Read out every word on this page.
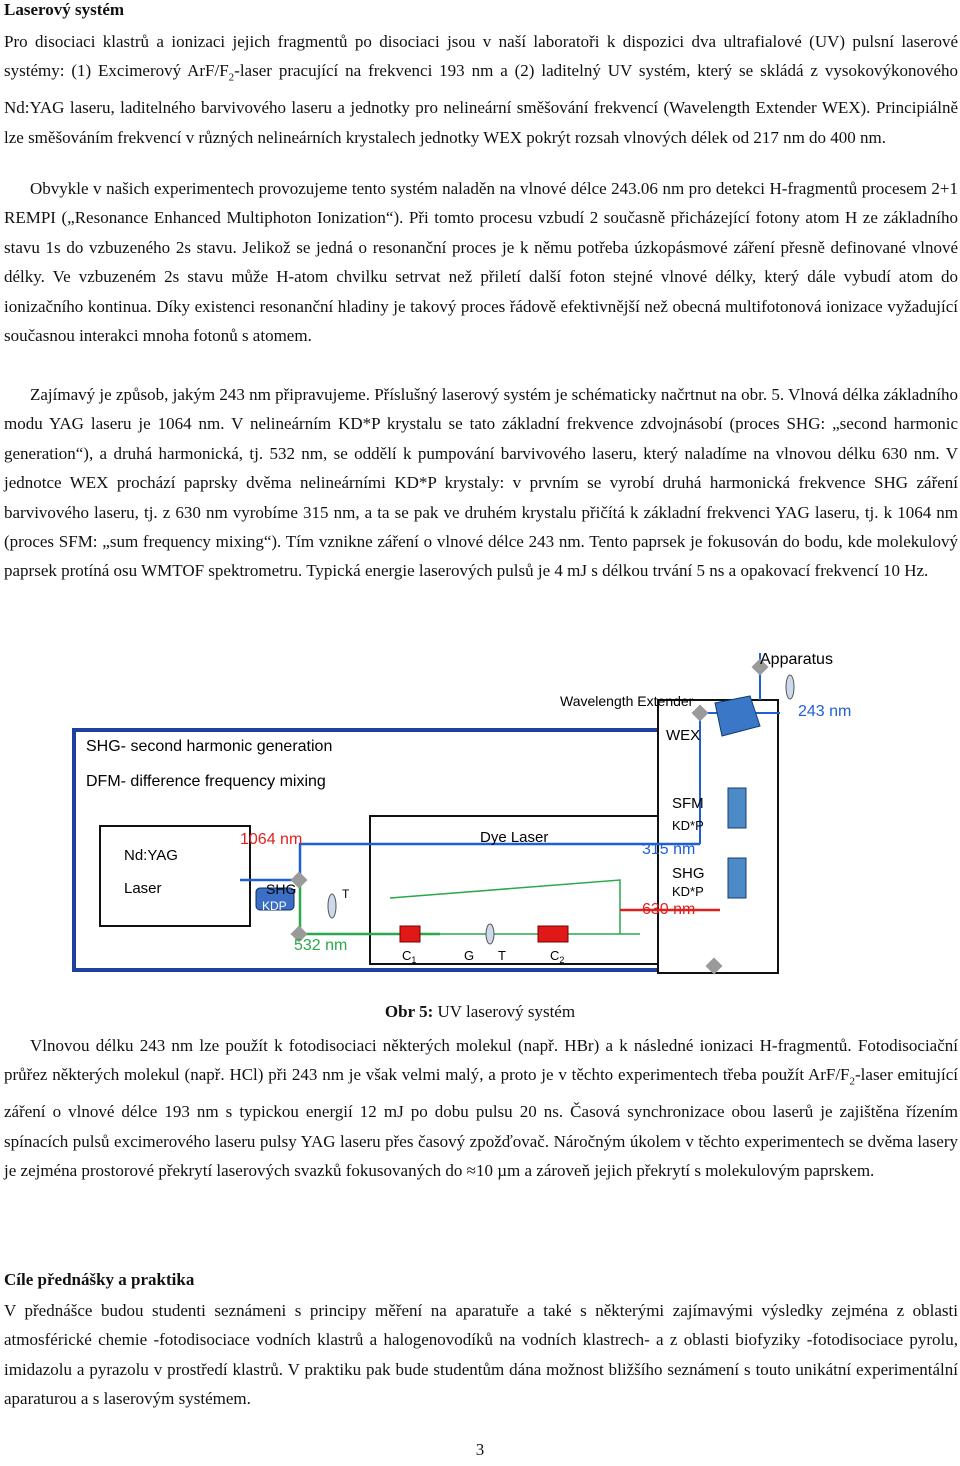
Laserový systém

Pro disociaci klastrů a ionizaci jejich fragmentů po disociaci jsou v naší laboratoři k dispozici dva ultrafialové (UV) pulsní laserové systémy: (1) Excimerový ArF/$F_2$-laser pracující na frekvenci 193 nm a (2) laditelný UV systém, který se skládá z vysokovýkonového Nd:YAG laseru, laditelného barvivového laseru a jednotky pro nelineární směšování frekvencí (Wavelength Extender WEX). Principiálně lze směšováním frekvencí v různých nelineárních krystalech jednotky WEX pokrýt rozsah vlnových délek od 217 nm do 400 nm.

Obvykle v našich experimentech provozujeme tento systém naladěn na vlnové délce 243.06 nm pro detekci H-fragmentů procesem 2+1 REMPI („Resonance Enhanced Multiphoton Ionization“). Při tomto procesu vzbudí 2 současně přicházející fotony atom H ze základního stavu 1s do vzbuzeného 2s stavu. Jelikož se jedná o resonanční proces je k němu potřeba úzkopásmové záření přesně definované vlnové délky. Ve vzbuzeném 2s stavu může H-atom chvilku setrvat než přiletí další foton stejné vlnové délky, který dále vybudí atom do ionizačního kontinua. Díky existenci resonanční hladiny je takový proces řádově efektivnější než obecná multifotonová ionizace vyžadující současnou interakci mnoha fotonů s atomem.

Zajímavý je způsob, jakým 243 nm připravujeme. Příslušný laserový systém je schématicky načrtnut na obr. 5. Vlnová délka základního modu YAG laseru je 1064 nm. V nelineárním KD*P krystalu se tato základní frekvence zdvojnásobí (proces SHG: „second harmonic generation“), a druhá harmonická, tj. 532 nm, se oddělí k pumpování barvivového laseru, který naladíme na vlnovou délku 630 nm. V jednotce WEX prochází paprsky dvěma nelineárními KD*P krystaly: v prvním se vyrobí druhá harmonická frekvence SHG záření barvivového laseru, tj. z 630 nm vyrobíme 315 nm, a ta se pak ve druhém krystalu přičítá k základní frekvenci YAG laseru, tj. k 1064 nm (proces SFM: „sum frequency mixing“). Tím vznikne záření o vlnové délce 243 nm. Tento paprsek je fokusován do bodu, kde molekulový paprsek protíná osu WMTOF spektrometru. Typická energie laserových pulsů je 4 mJ s délkou trvání 5 ns a opakovací frekvencí 10 Hz.

Apparatus
Wavelength Extender
243 nm
WEX
SHG- second harmonic generation
DFM- difference frequency mixing
SFM
KD*P
315 nm
SHG
KD*P
630 nm
1064 nm	Dye Laser
Nd:YAG
Laser	SHG
KDP
T
532 nm
$C_1$	G T	$C_2$
Obr 5: UV laserový systém

Vlnovou délku 243 nm lze použít k fotodisociaci některých molekul (např. HBr) a k následné ionizaci H-fragmentů. Fotodisociační průřez některých molekul (např. HCl) při 243 nm je však velmi malý, a proto je v těchto experimentech třeba použít ArF/$F_2$-laser emitující záření o vlnové délce 193 nm s typickou energií 12 mJ po dobu pulsu 20 ns. Časová synchronizace obou laserů je zajištěna řízením spínacích pulsů excimerového laseru pulsy YAG laseru přes časový zpožďovač. Náročným úkolem v těchto experimentech se dvěma lasery je zejména prostorové překrytí laserových svazků fokusovaných do ≈10 µm a zároveň jejich překrytí s molekulovým paprskem.

Cíle přednášky a praktika

V přednášce budou studenti seznámeni s principy měření na aparatuře a také s některými zajímavými výsledky zejména z oblasti atmosférické chemie -fotodisociace vodních klastrů a halogenovodíků na vodních klastrech- a z oblasti biofyziky -fotodisociace pyrolu, imidazolu a pyrazolu v prostředí klastrů. V praktiku pak bude studentům dána možnost bližšího seznámení s touto unikátní experimentální aparaturou a s laserovým systémem.

3
